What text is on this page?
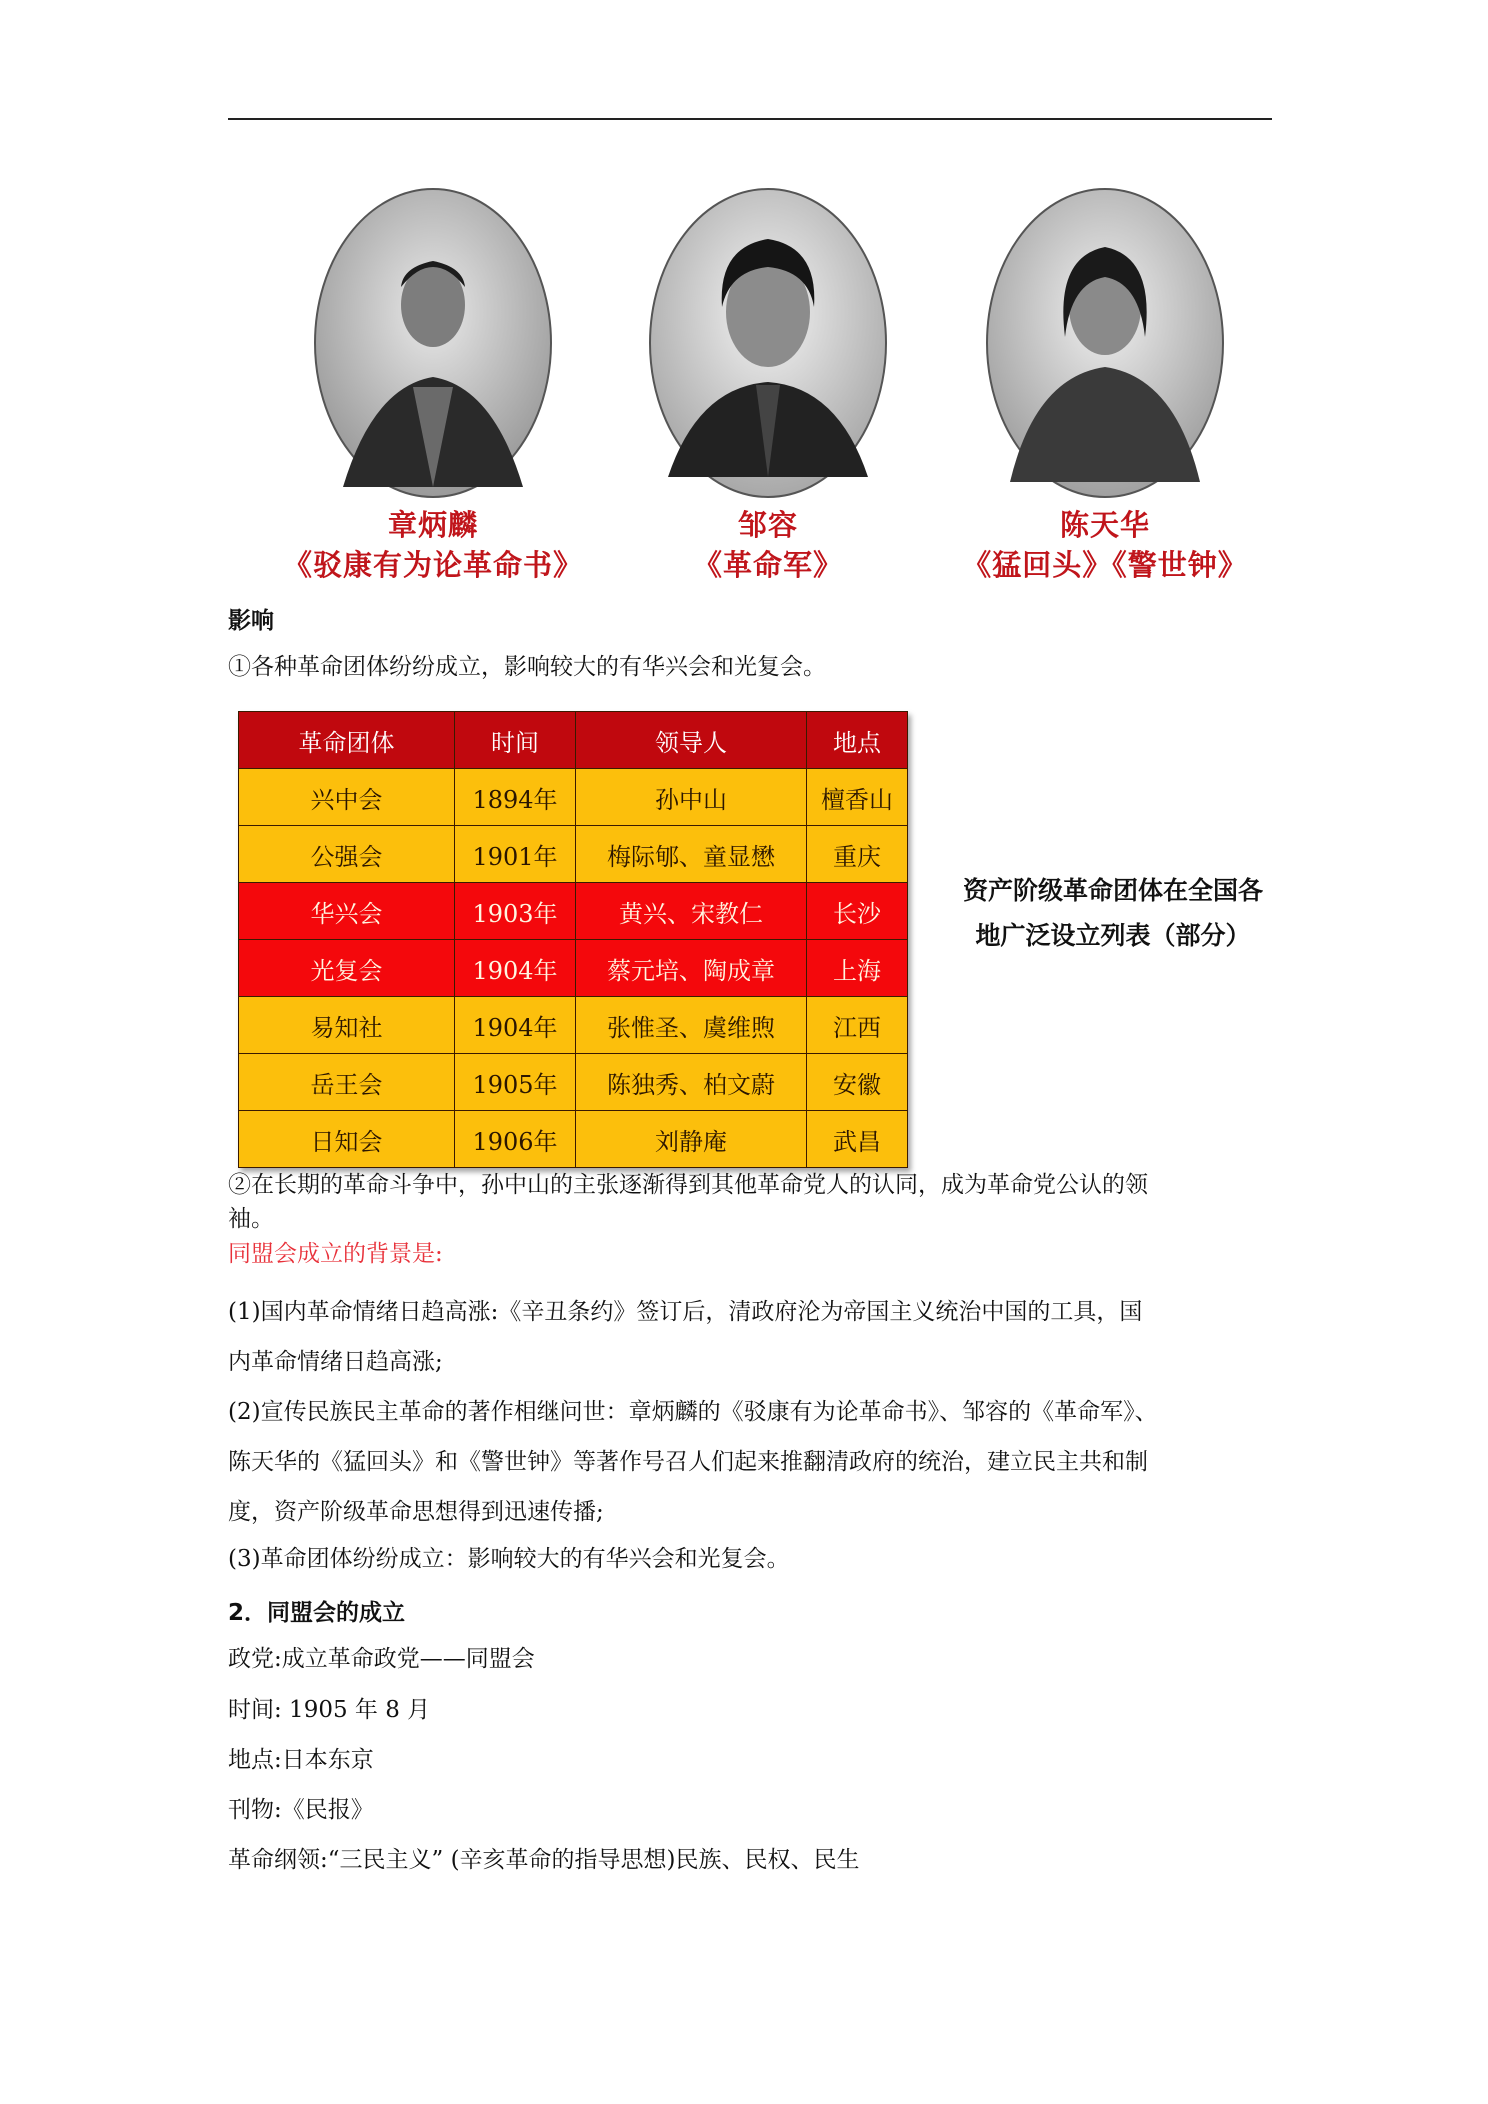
章炳麟
《驳康有为论革命书》
邹容
《革命军》
陈天华
《猛回头》《警世钟》
影响
①各种革命团体纷纷成立，影响较大的有华兴会和光复会。
革命团体	时间	领导人	地点
兴中会	1894年	孙中山	檀香山
公强会	1901年	梅际郇、童显懋	重庆
华兴会	1903年	黄兴、宋教仁	长沙
光复会	1904年	蔡元培、陶成章	上海
易知社	1904年	张惟圣、虞维煦	江西
岳王会	1905年	陈独秀、柏文蔚	安徽
日知会	1906年	刘静庵	武昌
资产阶级革命团体在全国各
地广泛设立列表（部分）
②在长期的革命斗争中，孙中山的主张逐渐得到其他革命党人的认同，成为革命党公认的领
袖。
同盟会成立的背景是:
(1)国内革命情绪日趋高涨:《辛丑条约》签订后，清政府沦为帝国主义统治中国的工具，国
内革命情绪日趋高涨;
(2)宣传民族民主革命的著作相继问世：章炳麟的《驳康有为论革命书》、邹容的《革命军》、
陈天华的《猛回头》和《警世钟》等著作号召人们起来推翻清政府的统治，建立民主共和制
度，资产阶级革命思想得到迅速传播;
(3)革命团体纷纷成立：影响较大的有华兴会和光复会。
2．同盟会的成立
政党:成立革命政党——同盟会
时间: 1905 年 8 月
地点:日本东京
刊物:《民报》
革命纲领:“三民主义” (辛亥革命的指导思想)民族、民权、民生
